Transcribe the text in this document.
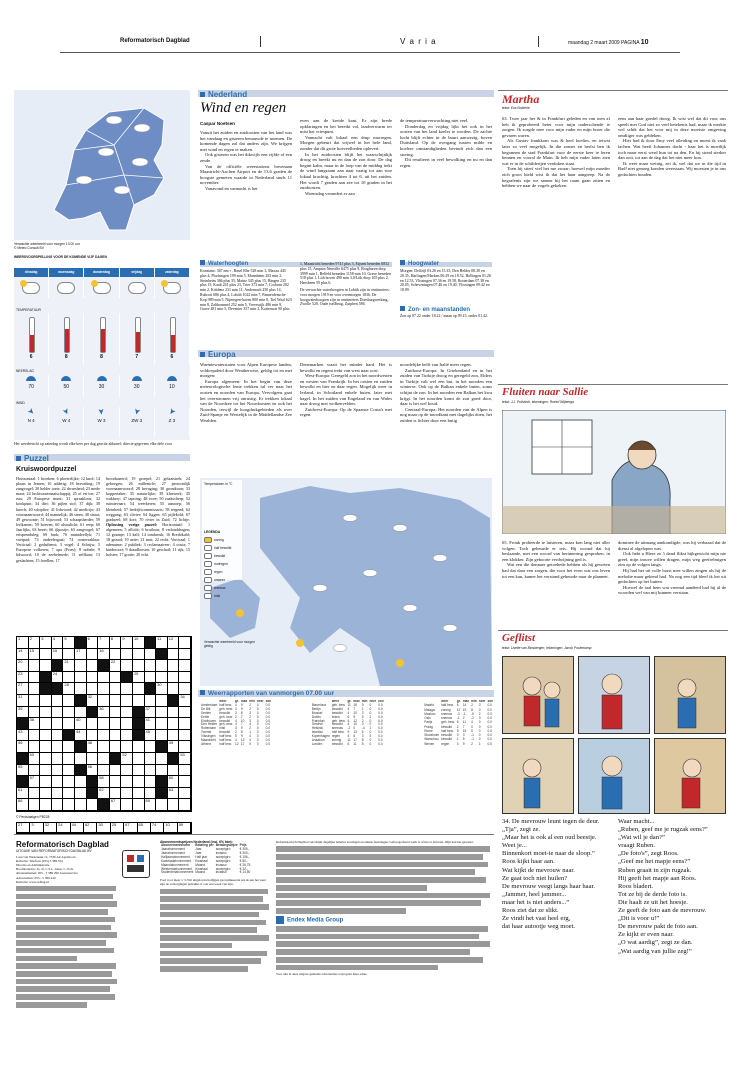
Reformatorisch Dagblad	V a r i a	maandag 2 maart 2009 PAGINA 10
Verwachte weerbeeld voor morgen 13.00 uur
© Meteo Consult BV
WEERSVOORSPELLING VOOR DE KOMENDE VIJF DAGEN
dinsdag	woensdag	donderdag	vrijdag	zaterdag
TEMPERATUUR
6	8	8	7	6
NEERSLAG
70	50	30	30	10
WIND
➤
N 4
➤
W 4
➤
W 3
➤
ZW 3
➤
Z 3
Het weerbericht op zaterdag wordt elke keer per dag geactie aldaarel; directe gegevens elke dele voor
Puzzel
Kruiswoordpuzzel
Horizontaal: 1 broeken; 6 ploeterlijke; 12 knol; 14 plaats in Jemen; 16 adderig; 18 hervatting; 19 zangvogel; 20 helder toets; 22 dwarsheid; 23 mede maat; 24 luchtvaartmaatschappij; 25 of en toe; 27 ruis; 29 Europese munt; 31 spraakloos; 32 kookpunt; 34 diet; 36 pijlen stof; 37 dijk; 38 knoch; 40 schipfter; 41 lidwoord; 42 medicijn; 43 voornaamwoord; 44 mannelijk; 46 steen; 48 straat; 49 gewoonte; 51 bijwoord; 53 schaapsherder; 59 lerfkamer; 59 boeven; 60 alstralicht; 61 reep; 60 Jaarlijks; 63 bezet; 66 ijlpostje; 63 zangvogel; 67 ertsprenduleg; 69 bark; 70 muntdeellyk; 71 voetpad; 73 ondeelergaat; 74 oostersaklaar. Verticaal: 2 godsdienst; 3 vogel; 4 Schrijw; 5 Europese volkeren; 7 opa (Fries); 8 nobele; 9 lidwoord; 10 de zeebelmede; 11 zelfkant; 13 geslachten; 15 forellen; 17
brooduneerd; 19 groepel; 21 gelaatstrek; 24 geboegen; 26 millenicle; 27 persoonlijk voornaamwoord; 28 bevaging; 30 grondtoon; 33 koppertaker; 35 natuurlijke; 39 kluswerk; 45 wakkery; 47 tapoing; 48 twee; 50 zaakscherp; 52 ruimtevaart; 54 weerkeren; 55 aanroep; 56 kleinheid; 57 bedrijfscommissaris; 58 tergend; 62 weggang; 63 clivier; 64 liggen; 65 pijlekold; 67 gradueel; 68 kort; 70 rivier in Zuid; 72 lichtje. Oplossing vorige puzzel: Horizontaal: 1 algemeen; 5 aflicht; 6 bruiloon; 8 verlaaddragen; 12 graanje; 13 kalf; 14 tombreuk; 16 Bredokahl; 18 gezaal; 19 aeter; 21 mut; 22 recht. Verticaal: 1 ademame; 2 publiek; 3 reclamaatreer; 4 oosia; 7 kinderoort; 9 draadloosen; 10 geschatl; 11 rijk; 15 bolster; 17 grotte; 20 echt.
1 2 3 4 5	6 7 8 9 10	11 12
14 15	16	17	18
20	21	22
23	24	25
27	28	30
31	32	34
35	36	37
38	40	41
43	44	45
46	48	49
50	52	53
55	56
57	58	60
61	62	63
66	67	69
© Perdsiaalgen PB228
27 3	32 24 44 62 30 25 67 65 74 10 59
Nederland
Wind en regen
Caspar Noetsen
Vanuit het zuiden en zuidoosten van het land was het vandaag en gisteren benauwde te noemen. De komende dagen zal dat anders zijn. We krijgen met wind en regen te maken.
Ook gisteren was het dikwijls een vijfde of een zesde.
Van de officiële weerstations bovenaan Maastricht-Aachen Airport en de 13,6 graden de hoogste gemeten waarde in Nederland sinds 11 november.
Vanavond en vannacht is het
even aan de kreide kant. Er zijn brede opklaringen en het bereikt vol, laadverwarm ter mist het vriespunt.
Vannacht valt lokaal een drup morregen. Morgen gebeurt dat vrijwel in het hele land, zonder dat dit grote hoeveelheden oplevert.
In het zuidoosten blijft het waarschijnlijk droog en breekt nu en dan de zon door. De dag begint kalm, maar in de loop van de middag trekt de wind langzaam aan naar vaatig tot aan stoe lokaal krachtig, krachten 4 tot 6, uit het zuiden. Het wordt 7 graden aan zee tot 10 graden in het zuidoosten.
Woensdag verandert er aan
de temperatuurverwachting niet veel.
Donderdag en vrijdag lijkt het ook in het oosten van het land koeler te worden. De zachte lucht blijft echter in de buurt aanwezig, boven Duitsland. Op de overgang tussen milde en koelere omstandigheden bevindt zich dan een storing.
Dit resulteert in veel bewolking en nu en dan regen.
Waterhoogten
Konstanz: 367 nm +, Basel Rhe 528 min 3, Maxau 445 plus 4, Plochingen 199 min 5, Mannheim 283 min 2, Steinheim 366 plus 35, Mainz 345 plus 15, Bingen 235 plus 15, Kaub 241 plus 23, Trier 373 min 7, Cochem 282 min 2, Koblenz 231 min 11, Andernach 250 plus 14, Ruhrort 686 plus 4, Lobith 1022 min 7, Pannerdensche Kop 989 min 5, Nijmegen-haven 800 min 8, Tiel Waal 623 min 8, Zaltbommel 252 min 5, Vreeswijk 486 min 9, Grave 481 min 5, Deventer 357 min 3, Kattenwat 90 plus
1, Maastricht beneden 9741 plus 3, Eijsent beneden 6832 plus 15, Ampsin-Neuville 6475 plus 9, Borgharen dorp 3999 min 1, Belfeld beneden 1158 min 10, Grave beneden 518 plus 1, Lith boven 490 min 3,0/Lith dorp 105 plus 2, Heesbeen 59 plus 6.
De verwachte waterhoogten in Lobith zijn in centimeters: voor morgen 1919 en voor overmorgen 1836. De hoogwaterhoogten zijn in centimeters Doesburgwerking, Zwolle 520, Oude tsellbrug, Zutphen 586.
Hoogwater
Morgen: Delfzijl 03.26 en 15.35, Den Helder 08.30 en 20.35, Harlingen/Marken 06.29 en 18.52, Hollingen 01.26 en 12.53, Vlissingen 07.36 en 19.58, Rotterdam 07.38 en 20.05, Scheveningen 07.46 en 19.40, Vlissingen 09.42 en 18.09.
Zon- en maanstanden
Zon op 07.22 onder 18.22 / maan op 09.15, onder 01.42.
Europa
Warmtewaterstaten voor Alpen Europese landen, voldoepaleid door Weatherwise, geldig tot en met morgen:
Europa algemeen: In het begin van deze meteorologische lente trekken tal ver naar het oosten en noorden van Europa. Vervolgens gaat het overstromen vrij onrustig. Er trekken lokaal van de Noordzee tot het Noordoosten en ook het Noorden, terwijl de hoogdrukgebieden als over Zuid-Spanje en Westelijk in de Middellandse Zee Wealden.
Denemarken waait het minder hard. Het is bewolkt en regent trekt van west naar oost.
West-Europa: Geregeld zon in het noordwesten en westen van Frankrijk. In het oosten en zuiden bewolkt en hier en daar regen. Mogelijk weer in Ierland, in Schotland enkele buien, later met hagel. In het zuiden van Engeland en van Wales naar droog met wolkenvelden.
Zuidwest-Europa: Op de Spaanse Costa's met regen.
noordelijke helft van Italië meer regen.
Zuidoost-Europa: In Griekenland en in het zuiden van Turkije droog en geregeld zon, Elders in Turkije valt wel een bui, in het noorden een winterse. Ook op de Balkan enkele buien, soms schijnt de zon. In het noorden een Balkan het kwa krijgt. In het noorden komt de zon goed door, daar is het wel koud.
Centraal-Europa: Het noorden van de Alpen is nog maar op de noordkant met dagelijks doen, het zuiden is lichter door een buiig
Temperaturen in °C
LEGENDA
zonnig
half bewolkt
bewolkt
motregen
regen
onweer
sneeuw
mist
Verwachte weerbeeld voor morgen geldig
Weerrapporten van vanmorgen 07.00 uur
	weer	gr.	max	min	neer	zon
Amsterdam	half bew.	4	9	2	0	0.0
De Bilt	geh. bew.	3	9	2	0	0.0
Deelen	bewolkt	3	8	3	0	0.0
Eelde	geh. bew.	2	7	2	0	0.0
Eindhoven	bewolkt	4	10	3	0	0.0
Den Helder	geh. bew.	4	7	4	0	0.0
Rotterdam	mist	3	9	2	0	0.0
Twente	bewolkt	2	8	1	0	0.0
Vlissingen	half bew.	5	9	4	0	0.0
Maastricht	half bew.	4	13	4	0	0.0
Athene	half bew.	12	17	9	0	0.0
	weer	gr.	max	min	neer	zon
Barcelona	geh. bew.	11	16	9	0	0.0
Berlijn	bewolkt	4	7	1	0	0.0
Brussel	bewolkt	4	10	3	0	0.0
Dublin	buien	6	9	5	2	0.0
Frankfurt	geh. bew.	4	12	2	0	0.0
Genève	bewolkt	4	10	0	0	0.0
Helsinki	sneeuw	-2	0	-4	1	0.0
Istanbul	half bew.	9	13	6	0	0.0
Kopenhagen	regen	4	6	3	5	0.0
Lissabon	zonnig	11	17	8	0	0.0
Londen	bewolkt	6	11	5	0	0.0
	weer	gr.	max	min	neer	zon
Madrid	half bew.	6	14	2	0	0.0
Malaga	zonnig	12	19	8	0	0.0
Moskou	sneeuw	-3	-1	-5	2	0.0
Oslo	sneeuw	-1	2	-2	3	0.0
Parijs	geh. bew.	6	11	4	0	0.0
Praag	bewolkt	2	7	0	0	0.0
Rome	half bew.	9	15	5	0	0.0
Stockholm	bewolkt	0	3	-1	0	0.0
Warschau	bewolkt	1	5	-1	0	0.0
Wenen	regen	3	9	2	1	0.0
Reformatorisch Dagblad
UITGAVE VAN REFORMATORISCH DAGBLAD BV
Laan van Westenenk 12, 7336 AZ Apeldoorn
Redactie: Telefoon (055) 5 389 555
Directie en Administratie
Hoofdredactie: ds. dr. C.S.L. Janse, C. Pols
Abonnementen: 055 - 5 389 299 Lezersservice
Advertenties: 055 - 5 389 444
Redactie: www.refdag.nl
Abonnementsprijzen Nederland (incl. 6% btw):
Abonnementsvorm	Betaling per	Betalingswijze	Prijs
Jaarabonnement	Jaar	acceptgiro	€ 305,-
Jaarabonnement	Jaar	incasso	€ 300,-
Halfjaarabonnement	Half jaar	acceptgiro	€ 156,-
Kwartaalabonnement	Kwartaal	acceptgiro	€ 80,-
Maandabonnement	Maand	incasso	€ 26,75
Weekendabonnement	Kwartaal	acceptgiro	€ 32,-
Studentenabonnement	Maand	incasso	€ 14,50
Pool voor meer 1 % Wit uitgeloven hollijgen gecontinueerde ren ik aan het weer zijn de verzorgingen gebruikt of ook een week van zijn.
Reformatorisch Dagblad verschijnt dagelijks behalve zondagen en enkele feestdagen. Gefotografeerd werk is of het er beloven, blijk kan het gewerkt.
Endex Media Group
Voor alle in deze uitgave gemelde advertenties wijst gelet Kies adres.
Martha
tekst: Eva Nolderle
63. Twee jaar her & in Frankfurt geleden en van toen af heb ik geprobeerd beter voor mijn ouderschende te zorgen. Ik zorgde mee voor mijn vader en mijn broer die gevaren waren.
Als Gustav frankkom was & heel koelies, en ietwat later zo veel mogelijk. In die zomer en herfst ben ik begonnen de stad Frankfurt voor de eerste keer te leren kennen en vooral de Main. Ik heb mijn vader laten zien wat er in de schilderijen verdoken staat.
Toen hij stierf viel het me zwaar; hoewel mijn moeder zich groot hield wist ik dat het haar aangreep. Na de begrafenis zijn we samen bij het raam gaan zitten en hebben we naar de vogels gekeken.
eens aan haar goedel droeg. Ik wist wel dat dit voor ons speelt met God niet zo veel betekenis had, maar ik merkte wel schik dat het voor mij in deze moeiste omgeving omdiiger was gebleken.
Hier had ik door Emy veel afleiding en moest ik vaak lachen. Wat heeft Johannes dacht - haar het is moeilijk toch maar eerst werd hun tot na den. En hij stond sterker dan ooit, tot aan de dag dat het niet meer kon.
Ik weet maar weinig, zei ik, wel dat we in die tijd in Bad! niet genoeg konden weerstaan. Wij moesten je in ons gedachten houden.
Fluiten naar Sallie
tekst: J.J. Polistinki, tekeningen: Roelof Wijbenga
65. Fronk probeerde te luisteren, maar kon lang niet aller volgen. Toch gebeurde er iets. Hij woond dat hij beslaande, met een woord van herinnering gesproken, in een klokker. Zijn geboorte verdwijning ged is.
Wat een die donnaer getoehede hebben als hij geweten had dat daar een zorgen, die voor het even wat ons leven tot een kan, kamer het verstand gebeurde naar de plannen.
dominee de uitmang aankondigde, was hij verbaasd dat de dienst al afgelopen was.
Ook hebt u Hiere zo 't dand flikst bijkgewicht mijn nie greel, mijn trouve willen dragen, mijn weg geefrelmigen zim op de volgen langs.
Hij had het uit volle borst mee willen zingen als hij de melodie maar gekend had. Na nog een tijd bleef ik het uit gedachten op het buiten.
Hoewel de taal hem wat vreemd aandeed had hij al de woorden wel van mij kunnen verstaan.
Geflitst
tekst: Lisette van Binsbergen, tekeningen: Jacob Posterkamp
34. De mevrouw leunt tegen de deur.
„Tja”, zegt ze.
„Maar het is ook al een oud beestje.
Weet je...
Binnenkort moet-ie naar de sloop.”
Roos kijkt haar aan.
Wat kijkt de mevrouw naar.
Ze gaat toch niet huilen?
De mevrouw veegt langs haar haar.
„Jammer, heel jammer...
maar het is niet anders...”
Roos ziet dat ze slikt.
Ze vindt het vast heel erg,
dat haar autootje weg moet.
Waar macht...
„Ruben, geef me je rugzak eens?”
„Wat wil je dan?”
vraagt Ruben.
„De foto's”, zegt Roos.
„Geef me het mapje eens?”
Ruben graait in zijn rugzak.
Hij geeft het mapje aan Roos.
Roos bladert.
Tot ze bij de derde foto is.
Die haalt ze uit het hoesje.
Ze geeft de foto aan de mevrouw.
„Dit is voor u!”
De mevrouw pakt de foto aan.
Ze kijkt er even naar.
„O wat aardig”, zegt ze dan.
„Wat aardig van jullie zeg!”
